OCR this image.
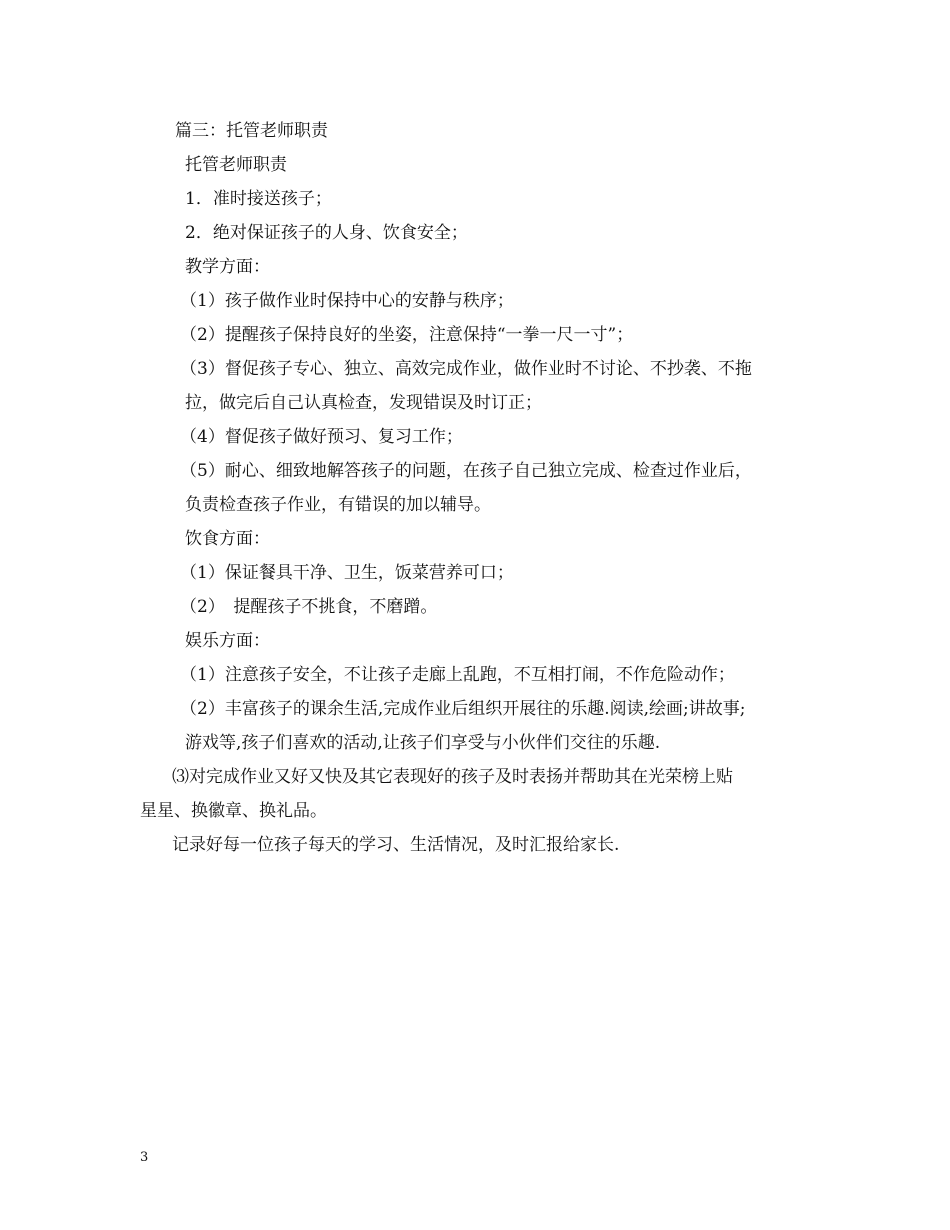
篇三：托管老师职责
托管老师职责
1．准时接送孩子；
2．绝对保证孩子的人身、饮食安全；
教学方面：
（1）孩子做作业时保持中心的安静与秩序；
（2）提醒孩子保持良好的坐姿，注意保持“一拳一尺一寸”；
（3）督促孩子专心、独立、高效完成作业，做作业时不讨论、不抄袭、不拖
拉，做完后自己认真检查，发现错误及时订正；
（4）督促孩子做好预习、复习工作；
（5）耐心、细致地解答孩子的问题，在孩子自己独立完成、检查过作业后，
负责检查孩子作业，有错误的加以辅导。
饮食方面：
（1）保证餐具干净、卫生，饭菜营养可口；
（2）　提醒孩子不挑食，不磨蹭。
娱乐方面：
（1）注意孩子安全，不让孩子走廊上乱跑，不互相打闹，不作危险动作；
（2）丰富孩子的课余生活,完成作业后组织开展往的乐趣.阅读,绘画;讲故事;
游戏等,孩子们喜欢的活动,让孩子们享受与小伙伴们交往的乐趣.
⑶对完成作业又好又快及其它表现好的孩子及时表扬并帮助其在光荣榜上贴
星星、换徽章、换礼品。
记录好每一位孩子每天的学习、生活情况，及时汇报给家长.
3
